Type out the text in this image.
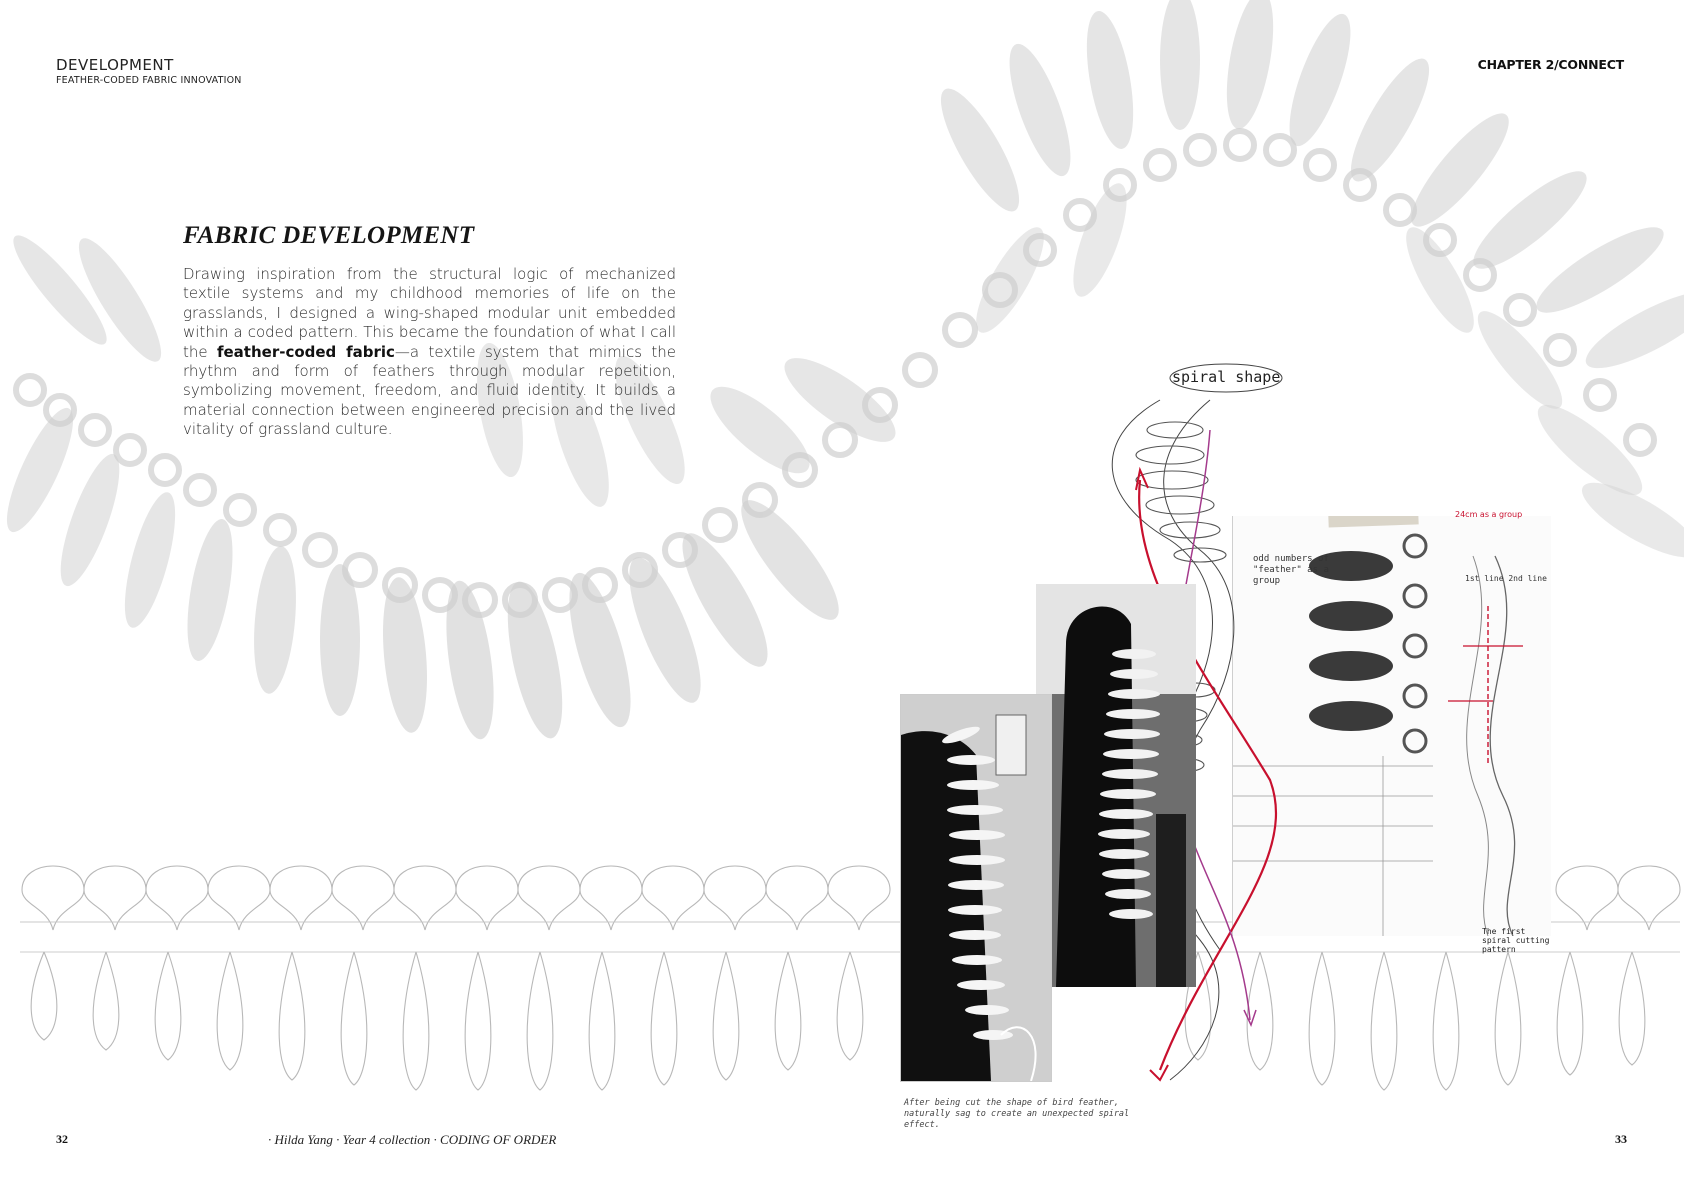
DEVELOPMENT
FEATHER-CODED FABRIC INNOVATION
CHAPTER 2/CONNECT
FABRIC DEVELOPMENT

Drawing inspiration from the structural logic of mechanized textile systems and my childhood memories of life on the grasslands, I designed a wing-shaped modular unit embedded within a coded pattern. This became the foundation of what I call the feather-coded fabric—a textile system that mimics the rhythm and form of feathers through modular repetition, symbolizing movement, freedom, and fluid identity. It builds a material connection between engineered precision and the lived vitality of grassland culture.

odd numbers of "feather" as a group
24cm as a group
1st line 2nd line
The first spiral cutting pattern
spiral shape
After being cut the shape of bird feather, naturally sag to create an unexpected spiral effect.
32	· Hilda Yang · Year 4 collection · CODING OF ORDER	33
